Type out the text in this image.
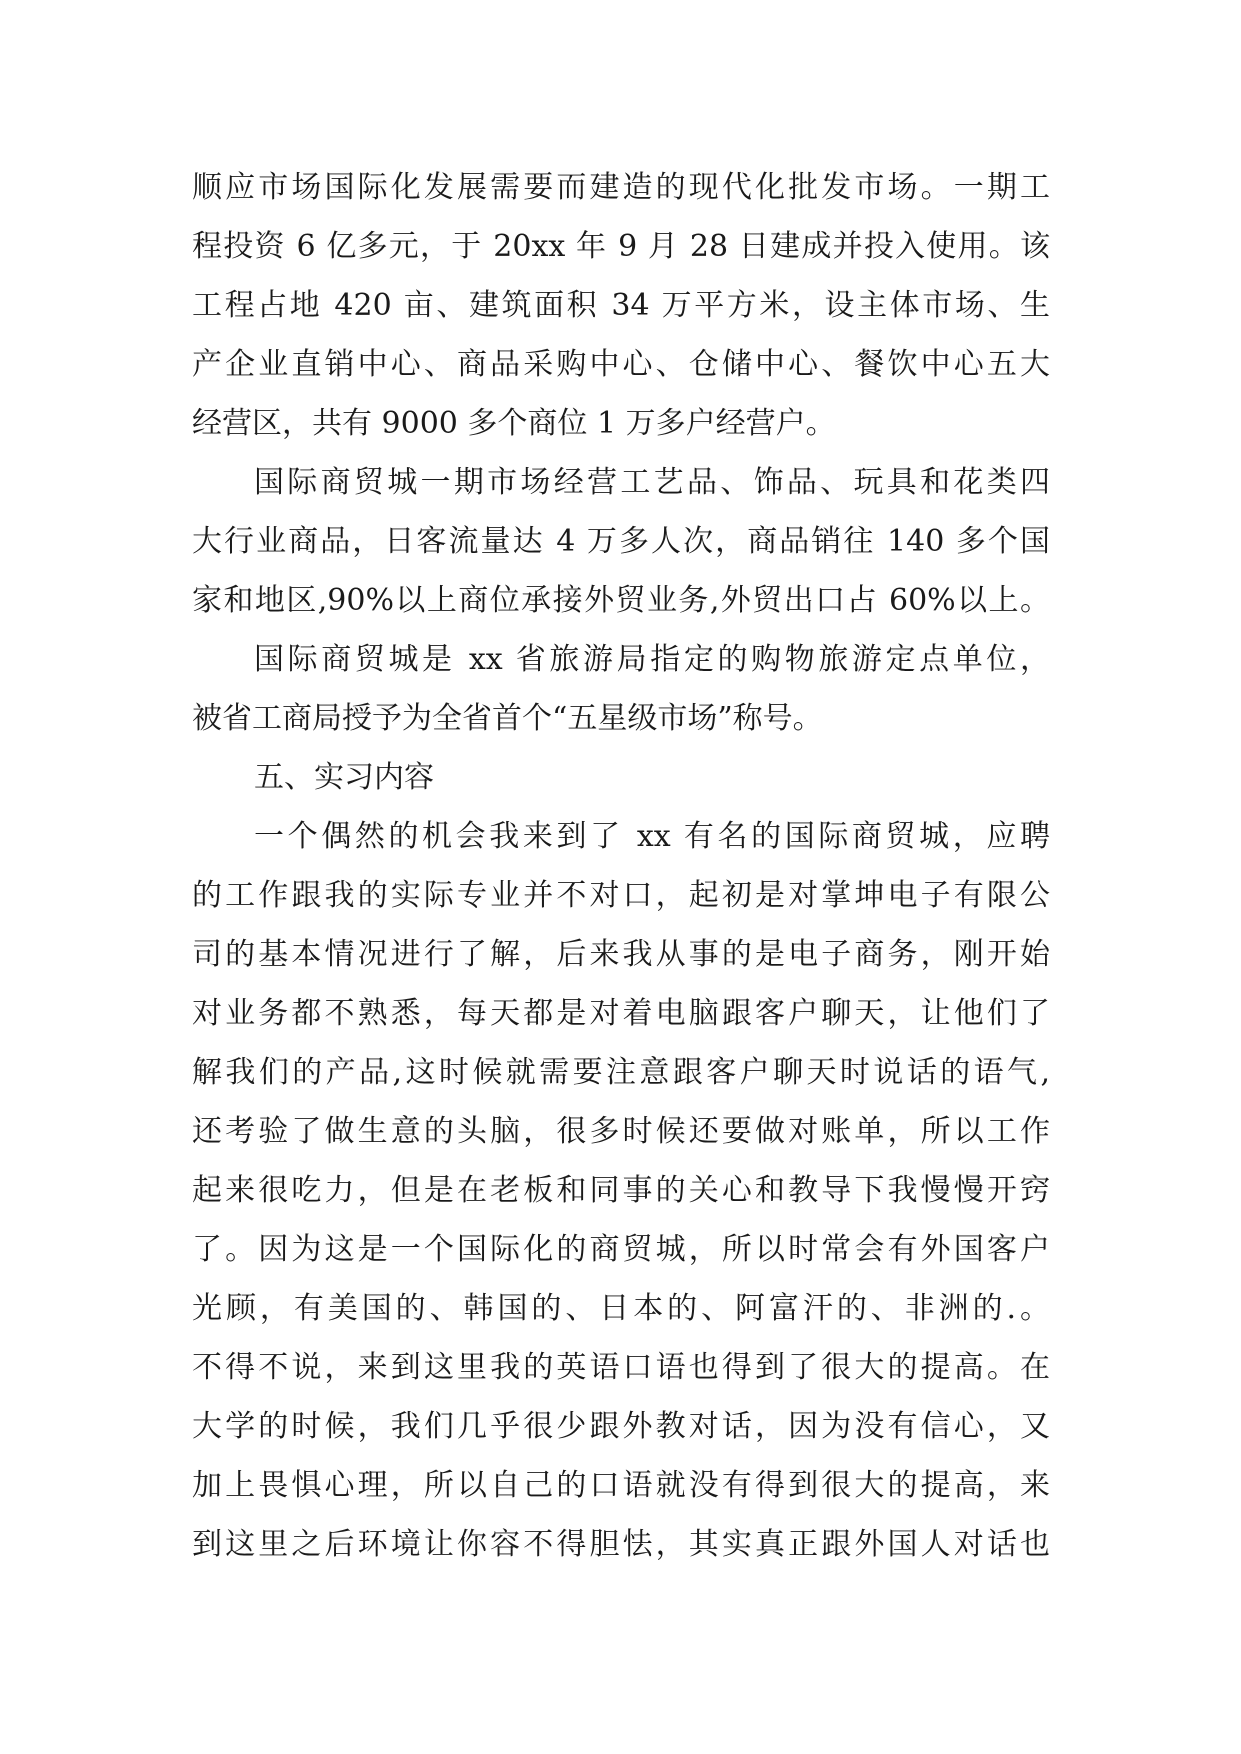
顺应市场国际化发展需要而建造的现代化批发市场。一期工
程投资 6 亿多元，于 20xx 年 9 月 28 日建成并投入使用。该
工程占地 420 亩、建筑面积 34 万平方米，设主体市场、生
产企业直销中心、商品采购中心、仓储中心、餐饮中心五大
经营区，共有 9000 多个商位 1 万多户经营户。
国际商贸城一期市场经营工艺品、饰品、玩具和花类四
大行业商品，日客流量达 4 万多人次，商品销往 140 多个国
家和地区,90%以上商位承接外贸业务,外贸出口占 60%以上。
国际商贸城是 xx 省旅游局指定的购物旅游定点单位，
被省工商局授予为全省首个“五星级市场”称号。
五、实习内容
一个偶然的机会我来到了 xx 有名的国际商贸城，应聘
的工作跟我的实际专业并不对口，起初是对掌坤电子有限公
司的基本情况进行了解，后来我从事的是电子商务，刚开始
对业务都不熟悉，每天都是对着电脑跟客户聊天，让他们了
解我们的产品,这时候就需要注意跟客户聊天时说话的语气,
还考验了做生意的头脑，很多时候还要做对账单，所以工作
起来很吃力，但是在老板和同事的关心和教导下我慢慢开窍
了。因为这是一个国际化的商贸城，所以时常会有外国客户
光顾，有美国的、韩国的、日本的、阿富汗的、非洲的.。
不得不说，来到这里我的英语口语也得到了很大的提高。在
大学的时候，我们几乎很少跟外教对话，因为没有信心，又
加上畏惧心理，所以自己的口语就没有得到很大的提高，来
到这里之后环境让你容不得胆怯，其实真正跟外国人对话也
